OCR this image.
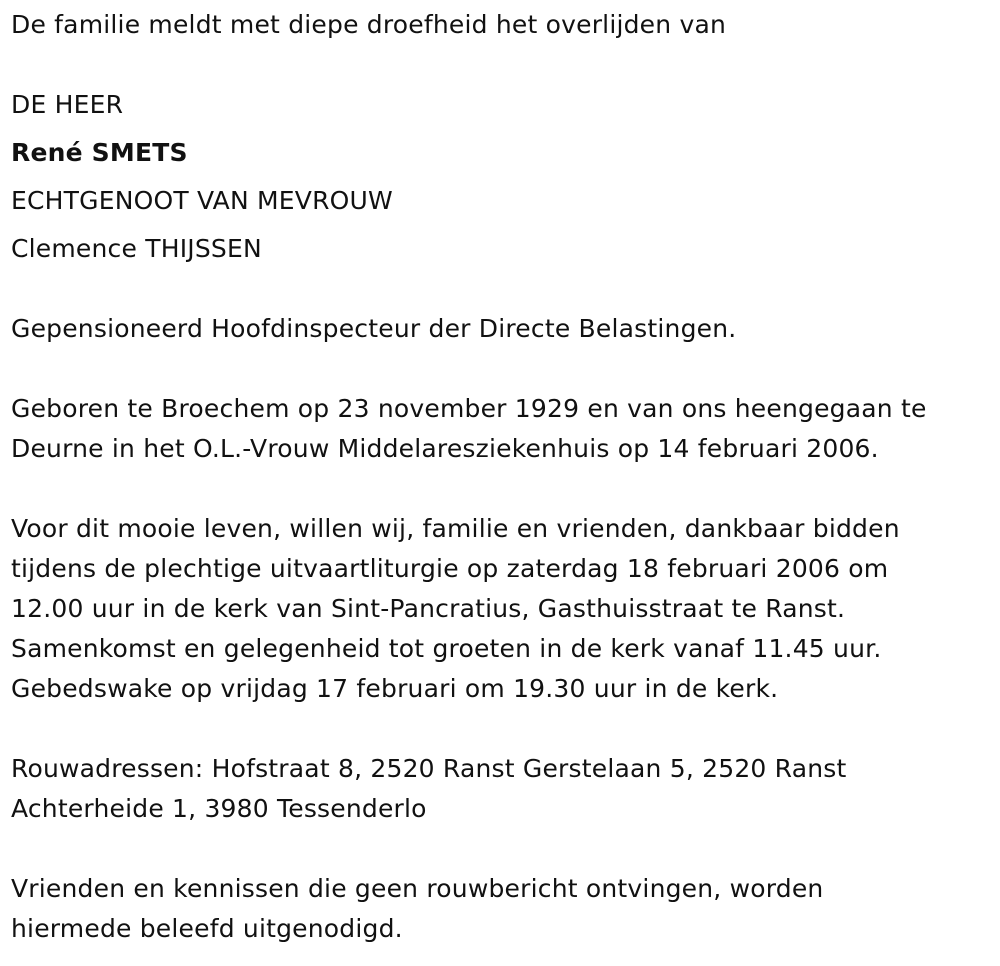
De familie meldt met diepe droefheid het overlijden van
DE HEER
René SMETS
ECHTGENOOT VAN MEVROUW
Clemence THIJSSEN
Gepensioneerd Hoofdinspecteur der Directe Belastingen.
Geboren te Broechem op 23 november 1929 en van ons heengegaan te
Deurne in het O.L.-Vrouw Middelaresziekenhuis op 14 februari 2006.
Voor dit mooie leven, willen wij, familie en vrienden, dankbaar bidden
tijdens de plechtige uitvaartliturgie op zaterdag 18 februari 2006 om
12.00 uur in de kerk van Sint-Pancratius, Gasthuisstraat te Ranst.
Samenkomst en gelegenheid tot groeten in de kerk vanaf 11.45 uur.
Gebedswake op vrijdag 17 februari om 19.30 uur in de kerk.
Rouwadressen: Hofstraat 8, 2520 Ranst Gerstelaan 5, 2520 Ranst
Achterheide 1, 3980 Tessenderlo
Vrienden en kennissen die geen rouwbericht ontvingen, worden
hiermede beleefd uitgenodigd.
